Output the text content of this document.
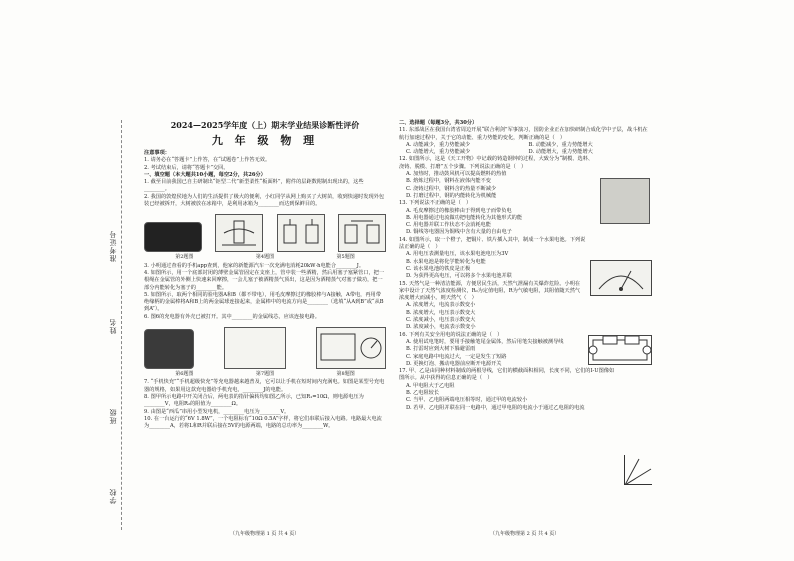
准考证号
姓名
班级
学校
2024—2025学年度（上）期末学业结果诊断性评价
九 年 级 物 理

注意事项：

1. 请务必在“答题卡”上作答，在“试题卷”上作答无效。

2. 考试结束后，请将“答题卡”交回。

一、填空题（本大题共10小题，每空2分，共26分）

1. 截至目前我国已自主研制出“钜型二代”新型柔性“板面料”，附件的层距数附制出现出的，这些________。

2. 我国的敦煌侯地为人们的生活提供了极大的便利，小红同学从网上购买了大树苗，收到快递时发现外包装已经被拆开，大树被放在冰箱中，是利用冰箱为________而达到保鲜目的。

第2题图	第4题图	第5题图

3. 小明通过查看的手机app查到，他家的新能源汽车一次充满电消耗20kW·h电能合________J。

4. 如图所示，用一个底部封闭的薄壁金属管固定在支座上，管中装一些酒精，然后用塞子塞紧管口，把一根绳在金属管的外侧上快速来回摩擦，一会儿塞子被酒精蒸气顶出，这是因为酒精蒸气对塞子做功，把一部分内能转化为塞子的________能。

5. 如图所示，取两个相同的验电器A和B（都不带电），用毛皮摩擦过的橡胶棒与A接触，A带电，再用带绝缘柄的金属棒将A和B上的两金属球连接起来，金属棒中的电流方向是________（选填“从A到B”或“从B到A”）。

6. 图6的充电器有外壳已被打开。其中________的金属线芯，应该连接电路。

第6题图	第7题图	第8题图

7. “手机快充”“手机超级快充”等充电器越来越普及，它可以让手机在短时间内充满电。如图是某型号充电器的规格，如果用这款充电器给手机充电，________J的电能。

8. 图甲所示电路中开关闭合后，两电表的指针偏转均如图乙所示，已知R₁=10Ω，则电源电压为________V，电阻R₂的阻值为________Ω。

9. 由图是“西瓜”串用小型发电机，________电压为________V。

10. 在一台运行的“6V 1.8W”，一个电阻标有“10Ω 0.5A”字样，将它们串联后接入电路。电路最大电流为________A，若将L和R并联后接在5V的电源两端，电路的总功率为________W。

（九年级物理第 1 页 共 4 页）

二、选择题（每题3分，共30分）

11. 东部战区在我国台湾省周边开展“联合利剑”军事演习，国防企业正在加快研制合成化学中子层，战斗机在航行加速过程中，关于它的动能、重力势能的变化，判断正确的是（　）

A. 动能减少，重力势能减少	B. 动能减少，重力势能增大
C. 动能增大，重力势能减少	D. 动能增大，重力势能增大

12. 如图所示，这是《天工开物》中记载的铸造钢钟的过程，大致分为“制模、选料、浇铸、脱模、打磨”五个步骤。下列说法正确的是（　）

A. 加热时，推动鼓风机可以提高燃料的热值

B. 熔炼过程中，钢料在液体内能不变

C. 浇铸过程中，钢料含的热量不断减少

D. 打磨过程中，钢的内能转化为机械能

13. 下列说法不正确的是（　）

A. 毛皮摩擦过的橡胶棒由于得到电子而带负电

B. 用电器通过电流做功把电能转化为其他形式的能

C. 用电器并联工作状态不会消耗电能

D. 铜线等电器因为铜线中含有大量的自由电子

14. 如图所示，取一个橙子，把铜片、铁片插入其中，制成一个水果电池。下列说法正确的是（　）

A. 用电压表测量电压，该水果电池电压为3V

B. 水果电池是将化学能转化为电能

C. 该水果电池的铁皮是正极

D. 为获得更高电压，可以将多个水果电池并联

15. 天然气是一种清洁能源，方便居民生活，天然气泄漏有关爆炸危险。小明在家中设计了天然气浓度检测仪，R₀为定值电阻，R为气敏电阻，其阻值随天然气浓度增大而减小。则天然气（　）

A. 浓度增大，电流表示数变小

B. 浓度增大，电压表示数变大

C. 浓度减小，电压表示数变大

D. 浓度减小，电流表示数变小

16. 下列有关安全用电的说法正确的是（　）

A. 使用试电笔时，要用手接触笔尾金属体，然后用笔尖接触被测导线

B. 打雷时应到大树下躲避雷雨

C. 家庭电路中电流过大，一定是发生了短路

D. 更换灯泡、搬动电器前应断开电源开关

17. 甲、乙是由同种材料制成的两根导线，它们的横截面积相同，长度不同，它们的I-U图像如图所示。从中获得的信息正确的是（　）

A. 甲电阻大于乙电阻

B. 乙电阻较长

C. 当甲、乙电阻两端电压相等时，通过甲的电流较小

D. 若甲、乙电阻并联在同一电路中，通过甲电阻的电流小于通过乙电阻的电流

（九年级物理第 2 页 共 4 页）
